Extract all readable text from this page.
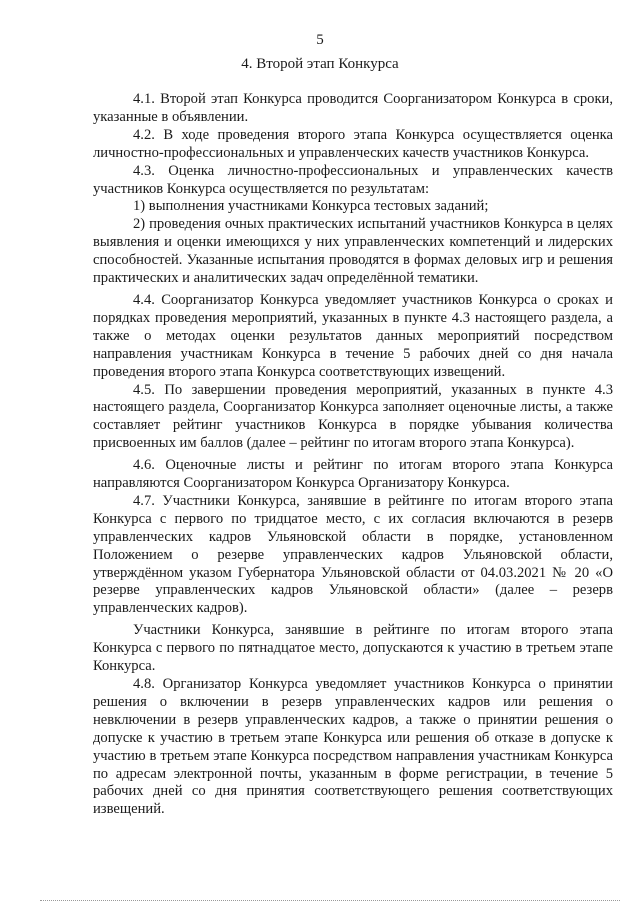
5
4. Второй этап Конкурса

4.1. Второй этап Конкурса проводится Соорганизатором Конкурса в сроки, указанные в объявлении.

4.2. В ходе проведения второго этапа Конкурса осуществляется оценка личностно-профессиональных и управленческих качеств участников Конкурса.

4.3. Оценка личностно-профессиональных и управленческих качеств участников Конкурса осуществляется по результатам:

1) выполнения участниками Конкурса тестовых заданий;

2) проведения очных практических испытаний участников Конкурса в целях выявления и оценки имеющихся у них управленческих компетенций и лидерских способностей. Указанные испытания проводятся в формах деловых игр и решения практических и аналитических задач определённой тематики.

4.4. Соорганизатор Конкурса уведомляет участников Конкурса о сроках и порядках проведения мероприятий, указанных в пункте 4.3 настоящего раздела, а также о методах оценки результатов данных мероприятий посредством направления участникам Конкурса в течение 5 рабочих дней со дня начала проведения второго этапа Конкурса соответствующих извещений.

4.5. По завершении проведения мероприятий, указанных в пункте 4.3 настоящего раздела, Соорганизатор Конкурса заполняет оценочные листы, а также составляет рейтинг участников Конкурса в порядке убывания количества присвоенных им баллов (далее – рейтинг по итогам второго этапа Конкурса).

4.6. Оценочные листы и рейтинг по итогам второго этапа Конкурса направляются Соорганизатором Конкурса Организатору Конкурса.

4.7. Участники Конкурса, занявшие в рейтинге по итогам второго этапа Конкурса с первого по тридцатое место, с их согласия включаются в резерв управленческих кадров Ульяновской области в порядке, установленном Положением о резерве управленческих кадров Ульяновской области, утверждённом указом Губернатора Ульяновской области от 04.03.2021 № 20 «О резерве управленческих кадров Ульяновской области» (далее – резерв управленческих кадров).

Участники Конкурса, занявшие в рейтинге по итогам второго этапа Конкурса с первого по пятнадцатое место, допускаются к участию в третьем этапе Конкурса.

4.8. Организатор Конкурса уведомляет участников Конкурса о принятии решения о включении в резерв управленческих кадров или решения о невключении в резерв управленческих кадров, а также о принятии решения о допуске к участию в третьем этапе Конкурса или решения об отказе в допуске к участию в третьем этапе Конкурса посредством направления участникам Конкурса по адресам электронной почты, указанным в форме регистрации, в течение 5 рабочих дней со дня принятия соответствующего решения соответствующих извещений.
